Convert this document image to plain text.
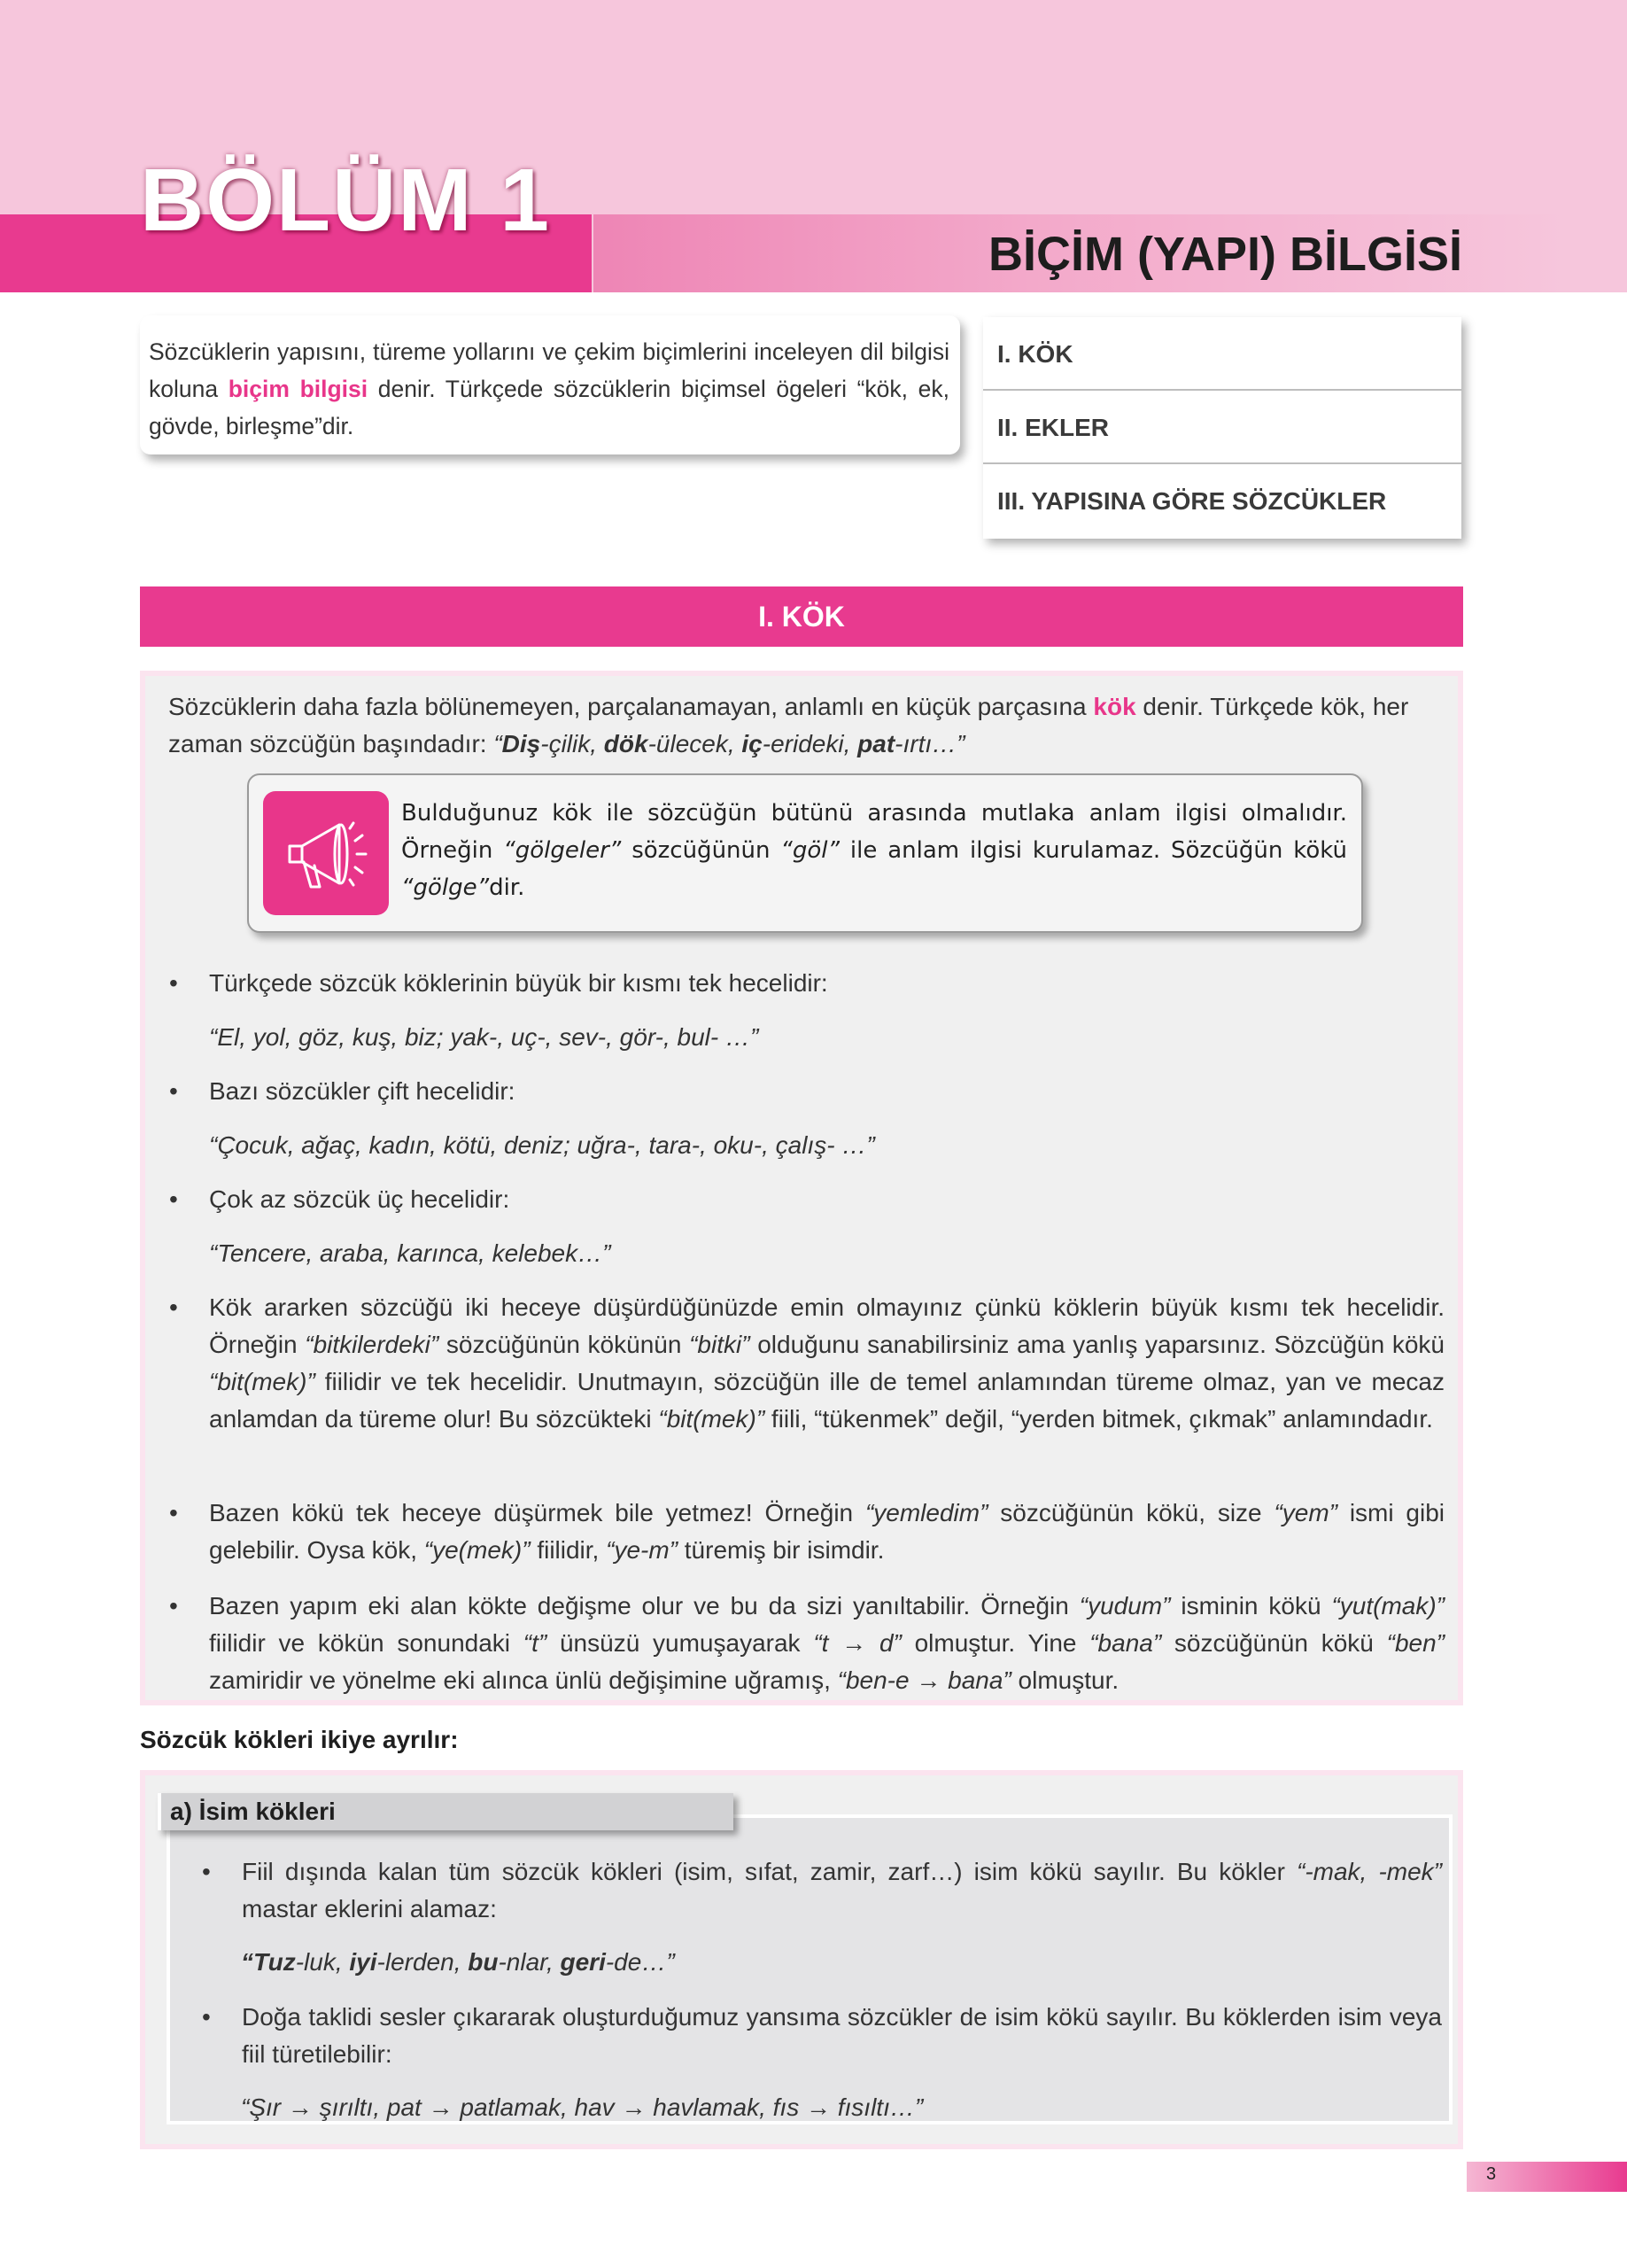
BÖLÜM 1
BİÇİM (YAPI) BİLGİSİ
Sözcüklerin yapısını, türeme yollarını ve çekim biçimlerini inceleyen dil bilgisi koluna biçim bilgisi denir. Türkçede sözcüklerin biçimsel ögeleri “kök, ek, gövde, birleşme”dir.
I. KÖK
II. EKLER
III. YAPISINA GÖRE SÖZCÜKLER
I. KÖK
Sözcüklerin daha fazla bölünemeyen, parçalanamayan, anlamlı en küçük parçasına kök denir. Türkçede kök, her zaman sözcüğün başındadır: “Diş-çilik, dök-ülecek, iç-erideki, pat-ırtı…”
Bulduğunuz kök ile sözcüğün bütünü arasında mutlaka anlam ilgisi olmalıdır. Örneğin “gölgeler” sözcüğünün “göl” ile anlam ilgisi kurulamaz. Sözcüğün kökü “gölge”dir.
• Türkçede sözcük köklerinin büyük bir kısmı tek hecelidir:
“El, yol, göz, kuş, biz; yak-, uç-, sev-, gör-, bul- …”
• Bazı sözcükler çift hecelidir:
“Çocuk, ağaç, kadın, kötü, deniz; uğra-, tara-, oku-, çalış- …”
• Çok az sözcük üç hecelidir:
“Tencere, araba, karınca, kelebek…”
• Kök ararken sözcüğü iki heceye düşürdüğünüzde emin olmayınız çünkü köklerin büyük kısmı tek hecelidir. Örneğin “bitkilerdeki” sözcüğünün kökünün “bitki” olduğunu sanabilirsiniz ama yanlış yaparsınız. Sözcüğün kökü “bit(mek)” fiilidir ve tek hecelidir. Unutmayın, sözcüğün ille de temel anlamından türeme olmaz, yan ve mecaz anlamdan da türeme olur! Bu sözcükteki “bit(mek)” fiili, “tükenmek” değil, “yerden bitmek, çıkmak” anlamındadır.
• Bazen kökü tek heceye düşürmek bile yetmez! Örneğin “yemledim” sözcüğünün kökü, size “yem” ismi gibi gelebilir. Oysa kök, “ye(mek)” fiilidir, “ye-m” türemiş bir isimdir.
• Bazen yapım eki alan kökte değişme olur ve bu da sizi yanıltabilir. Örneğin “yudum” isminin kökü “yut(mak)” fiilidir ve kökün sonundaki “t” ünsüzü yumuşayarak “t → d” olmuştur. Yine “bana” sözcüğünün kökü “ben” zamiridir ve yönelme eki alınca ünlü değişimine uğramış, “ben-e → bana” olmuştur.
Sözcük kökleri ikiye ayrılır:
• Fiil dışında kalan tüm sözcük kökleri (isim, sıfat, zamir, zarf…) isim kökü sayılır. Bu kökler “-mak, -mek” mastar eklerini alamaz:
“Tuz-luk, iyi-lerden, bu-nlar, geri-de…”
• Doğa taklidi sesler çıkararak oluşturduğumuz yansıma sözcükler de isim kökü sayılır. Bu köklerden isim veya fiil türetilebilir:
“Şır → şırıltı, pat → patlamak, hav → havlamak, fıs → fısıltı…”
a) İsim kökleri
3
